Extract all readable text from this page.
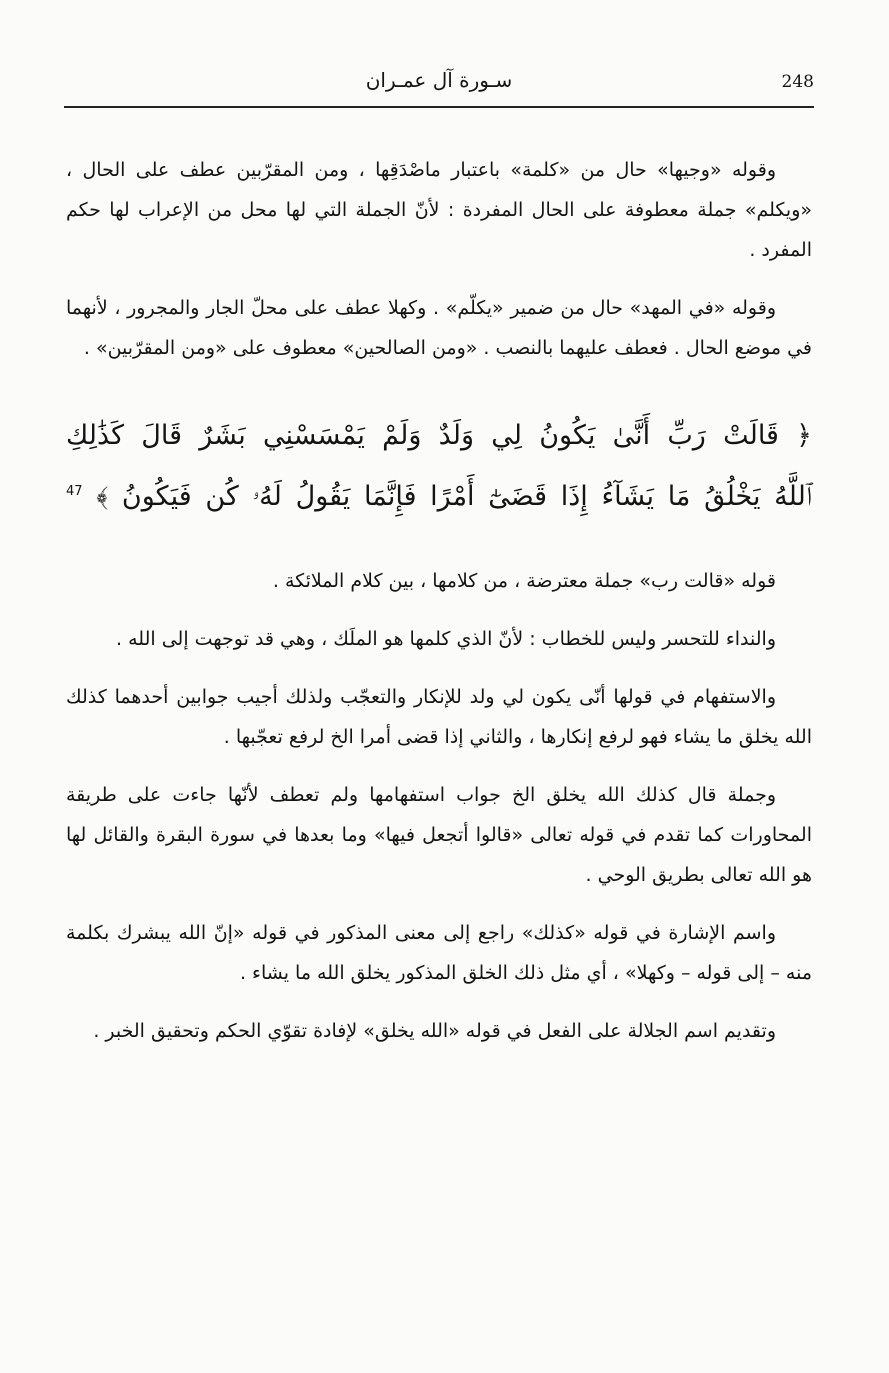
248
سـورة آل عمـران

وقوله «وجيها» حال من «كلمة» باعتبار ماصْدَقِها ، ومن المقرّبين عطف على الحال ، «ويكلم» جملة معطوفة على الحال المفردة : لأنّ الجملة التي لها محل من الإعراب لها حكم المفرد .

وقوله «في المهد» حال من ضمير «يكلّم» . وكهلا عطف على محلّ الجار والمجرور ، لأنهما في موضع الحال . فعطف عليهما بالنصب . «ومن الصالحين» معطوف على «ومن المقرّبين» .

﴿ قَالَتْ رَبِّ أَنَّىٰ يَكُونُ لِي وَلَدٌ وَلَمْ يَمْسَسْنِي بَشَرٌ قَالَ كَذَٰلِكِ
ٱللَّهُ يَخْلُقُ مَا يَشَآءُ إِذَا قَضَىٰٓ أَمْرًا فَإِنَّمَا يَقُولُ لَهُۥ كُن فَيَكُونُ ﴾ $^{47}$

قوله «قالت رب» جملة معترضة ، من كلامها ، بين كلام الملائكة .

والنداء للتحسر وليس للخطاب : لأنّ الذي كلمها هو الملَك ، وهي قد توجهت إلى الله .

والاستفهام في قولها أنّى يكون لي ولد للإنكار والتعجّب ولذلك أجيب جوابين أحدهما كذلك الله يخلق ما يشاء فهو لرفع إنكارها ، والثاني إذا قضى أمرا الخ لرفع تعجّبها .

وجملة قال كذلك الله يخلق الخ جواب استفهامها ولم تعطف لأنّها جاءت على طريقة المحاورات كما تقدم في قوله تعالى «قالوا أتجعل فيها» وما بعدها في سورة البقرة والقائل لها هو الله تعالى بطريق الوحي .

واسم الإشارة في قوله «كذلك» راجع إلى معنى المذكور في قوله «إنّ الله يبشرك بكلمة منه – إلى قوله – وكهلا» ، أي مثل ذلك الخلق المذكور يخلق الله ما يشاء .

وتقديم اسم الجلالة على الفعل في قوله «الله يخلق» لإفادة تقوّي الحكم وتحقيق الخبر .
